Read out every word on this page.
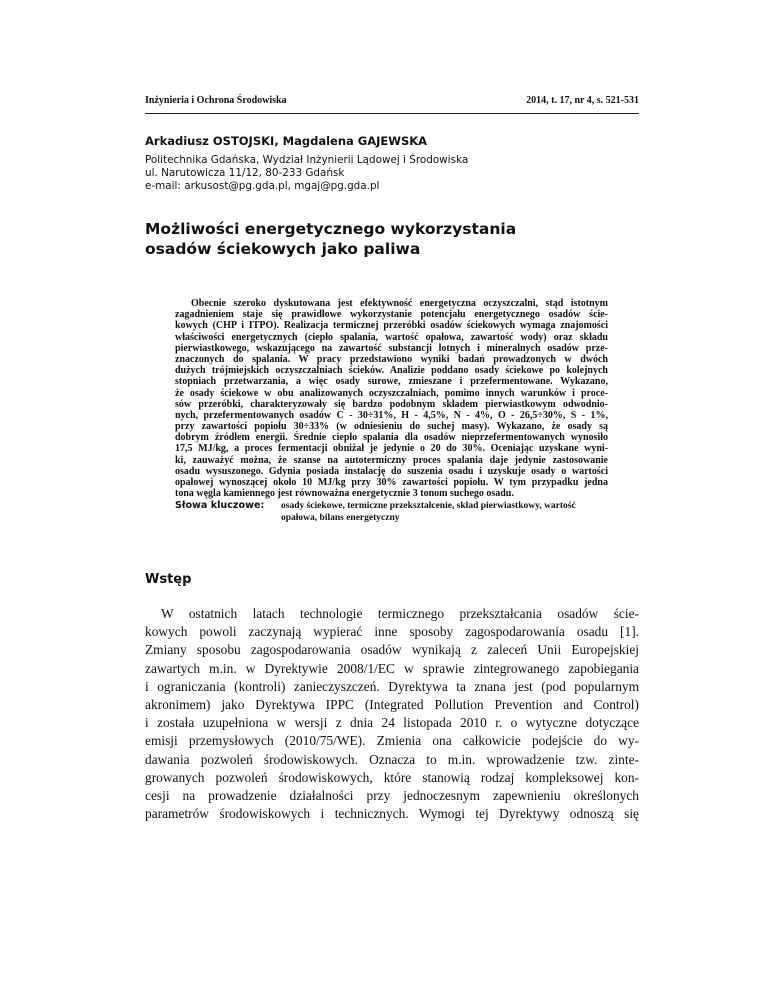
Inżynieria i Ochrona Środowiska	2014, t. 17, nr 4, s. 521-531
Arkadiusz OSTOJSKI, Magdalena GAJEWSKA
Politechnika Gdańska, Wydział Inżynierii Lądowej i Środowiska
ul. Narutowicza 11/12, 80-233 Gdańsk
e-mail: arkusost@pg.gda.pl, mgaj@pg.gda.pl
Możliwości energetycznego wykorzystania
osadów ściekowych jako paliwa
Obecnie szeroko dyskutowana jest efektywność energetyczna oczyszczalni, stąd istotnym
zagadnieniem staje się prawidłowe wykorzystanie potencjału energetycznego osadów ście-
kowych (CHP i ITPO). Realizacja termicznej przeróbki osadów ściekowych wymaga znajomości
właściwości energetycznych (ciepło spalania, wartość opałowa, zawartość wody) oraz składu
pierwiastkowego, wskazującego na zawartość substancji lotnych i mineralnych osadów prze-
znaczonych do spalania. W pracy przedstawiono wyniki badań prowadzonych w dwóch
dużych trójmiejskich oczyszczalniach ścieków. Analizie poddano osady ściekowe po kolejnych
stopniach przetwarzania, a więc osady surowe, zmieszane i przefermentowane. Wykazano,
że osady ściekowe w obu analizowanych oczyszczalniach, pomimo innych warunków i proce-
sów przeróbki, charakteryzowały się bardzo podobnym składem pierwiastkowym odwodnio-
nych, przefermentowanych osadów C - 30÷31%, H - 4,5%, N - 4%, O - 26,5÷30%, S - 1%,
przy zawartości popiołu 30÷33% (w odniesieniu do suchej masy). Wykazano, że osady są
dobrym źródłem energii. Średnie ciepło spalania dla osadów nieprzefermentowanych wynosiło
17,5 MJ/kg, a proces fermentacji obniżał je jedynie o 20 do 30%. Oceniając uzyskane wyni-
ki, zauważyć można, że szanse na autotermiczny proces spalania daje jedynie zastosowanie
osadu wysuszonego. Gdynia posiada instalację do suszenia osadu i uzyskuje osady o wartości
opałowej wynoszącej około 10 MJ/kg przy 30% zawartości popiołu. W tym przypadku jedna
tona węgla kamiennego jest równoważna energetycznie 3 tonom suchego osadu.
Słowa kluczowe: osady ściekowe, termiczne przekształcenie, skład pierwiastkowy, wartość opałowa, bilans energetyczny
Wstęp
W ostatnich latach technologie termicznego przekształcania osadów ście-
kowych powoli zaczynają wypierać inne sposoby zagospodarowania osadu [1].
Zmiany sposobu zagospodarowania osadów wynikają z zaleceń Unii Europejskiej
zawartych m.in. w Dyrektywie 2008/1/EC w sprawie zintegrowanego zapobiegania
i ograniczania (kontroli) zanieczyszczeń. Dyrektywa ta znana jest (pod popularnym
akronimem) jako Dyrektywa IPPC (Integrated Pollution Prevention and Control)
i została uzupełniona w wersji z dnia 24 listopada 2010 r. o wytyczne dotyczące
emisji przemysłowych (2010/75/WE). Zmienia ona całkowicie podejście do wy-
dawania pozwoleń środowiskowych. Oznacza to m.in. wprowadzenie tzw. zinte-
growanych pozwoleń środowiskowych, które stanowią rodzaj kompleksowej kon-
cesji na prowadzenie działalności przy jednoczesnym zapewnieniu określonych
parametrów środowiskowych i technicznych. Wymogi tej Dyrektywy odnoszą się
